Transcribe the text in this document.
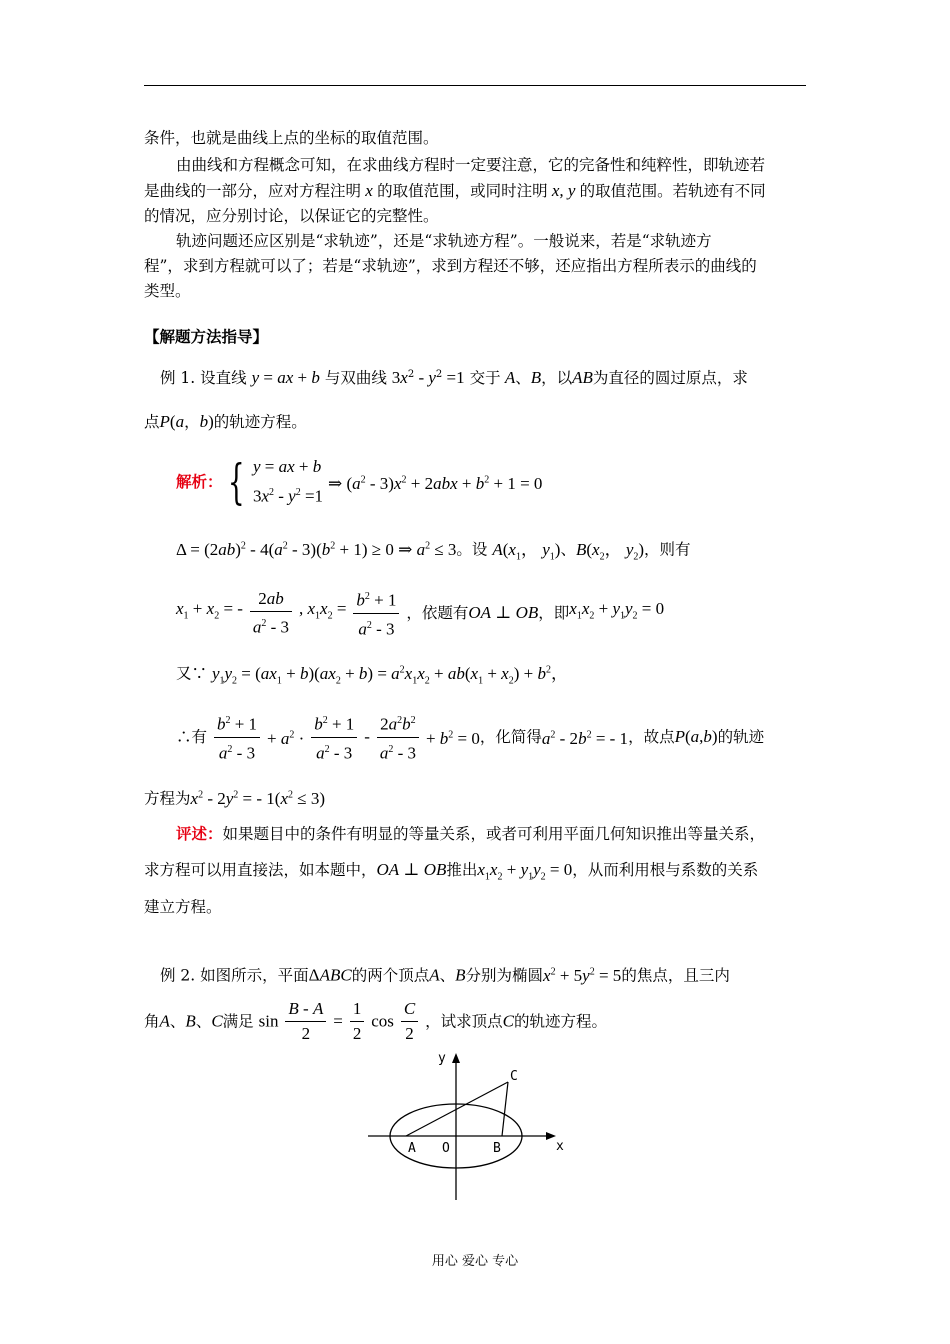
条件，也就是曲线上点的坐标的取值范围。
由曲线和方程概念可知，在求曲线方程时一定要注意，它的完备性和纯粹性，即轨迹若
是曲线的一部分，应对方程注明 x 的取值范围，或同时注明 x, y 的取值范围。若轨迹有不同
的情况，应分别讨论，以保证它的完整性。
轨迹问题还应区别是“求轨迹”，还是“求轨迹方程”。一般说来，若是“求轨迹方
程”，求到方程就可以了；若是“求轨迹”，求到方程还不够，还应指出方程所表示的曲线的
类型。
【解题方法指导】
例 1. 设直线 y = ax + b 与双曲线 $3x^2 - y^2 =1$ 交于 A、B，以AB为直径的圆过原点，求
点P(a，b)的轨迹方程。
解析： { y = ax + b
$3x^2 - y^2 =1$
⇒ $(a^2 - 3)x^2 + 2abx + b^2 + 1 = 0$
$\Delta = (2ab)^2 - 4(a^2 - 3)(b^2 + 1) \ge 0$ ⇒ $a^2 \le 3$。设 $A(x_1$， $y_1$)、$B(x_2$， $y_2$)，则有
$x_1 + x_2$ = - $\frac{2ab}{a^2 - 3}$ , $x_1x_2 = \frac{b^2 + 1}{a^2 - 3}$ ，依题有OA ⊥ OB，即$x_1x_2 + y_1y_2 = 0$
又∵ $y_1y_2 = (ax_1 + b)(ax_2 + b) = a^2x_1x_2 + ab(x_1 + x_2) + b^2$，
∴有 $\frac{b^2 + 1}{a^2 - 3} + a^2 \cdot \frac{b^2 + 1}{a^2 - 3} - \frac{2a^2b^2}{a^2 - 3} + b^2 = 0$，化简得$a^2 - 2b^2$ = - 1，故点P(a,b)的轨迹
方程为$x^2 - 2y^2$ = - $1(x^2 \le 3)$
评述：如果题目中的条件有明显的等量关系，或者可利用平面几何知识推出等量关系，
求方程可以用直接法，如本题中，OA ⊥ OB推出$x_1x_2 + y_1y_2 = 0$，从而利用根与系数的关系
建立方程。
例 2. 如图所示，平面ΔABC的两个顶点A、B分别为椭圆$x^2 + 5y^2 = 5$的焦点，且三内
角A、B、C满足 $\sin \frac{B - A}{2} = \frac{1}{2}$ $\cos \frac{C}{2}$ ，试求顶点C的轨迹方程。
y
x
C
A O	B
用心 爱心 专心
